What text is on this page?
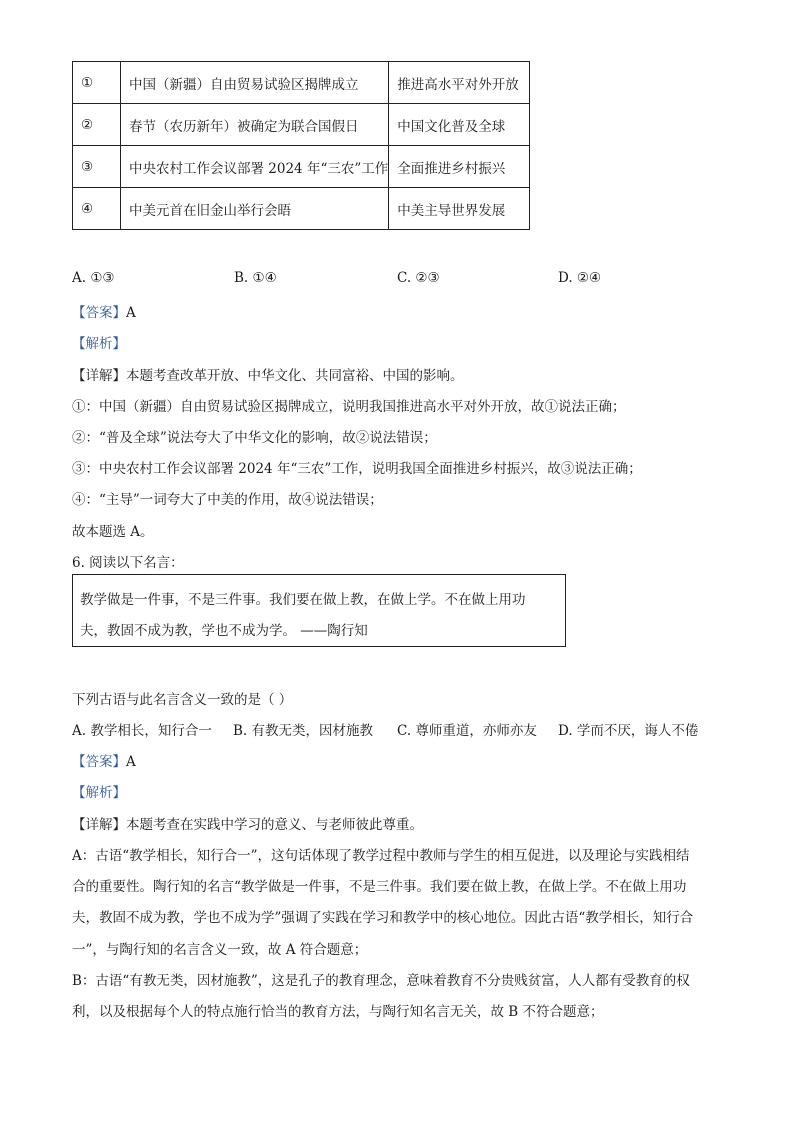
①	中国（新疆）自由贸易试验区揭牌成立	推进高水平对外开放
②	春节（农历新年）被确定为联合国假日	中国文化普及全球
③	中央农村工作会议部署 2024 年“三农”工作	全面推进乡村振兴
④	中美元首在旧金山举行会晤	中美主导世界发展
A. ①③	B. ①④	C. ②③	D. ②④
【答案】A
【解析】
【详解】本题考查改革开放、中华文化、共同富裕、中国的影响。
①：中国（新疆）自由贸易试验区揭牌成立，说明我国推进高水平对外开放，故①说法正确；
②：“普及全球”说法夸大了中华文化的影响，故②说法错误；
③：中央农村工作会议部署 2024 年“三农”工作，说明我国全面推进乡村振兴，故③说法正确；
④：“主导”一词夸大了中美的作用，故④说法错误；
故本题选 A。
6. 阅读以下名言：
教学做是一件事，不是三件事。我们要在做上教，在做上学。不在做上用功
夫，教固不成为教，学也不成为学。 ——陶行知
下列古语与此名言含义一致的是（ ）
A. 教学相长，知行合一 B. 有教无类，因材施教 C. 尊师重道，亦师亦友 D. 学而不厌，诲人不倦
【答案】A
【解析】
【详解】本题考查在实践中学习的意义、与老师彼此尊重。
A：古语“教学相长，知行合一”，这句话体现了教学过程中教师与学生的相互促进，以及理论与实践相结
合的重要性。陶行知的名言“教学做是一件事，不是三件事。我们要在做上教，在做上学。不在做上用功
夫，教固不成为教，学也不成为学”强调了实践在学习和教学中的核心地位。因此古语“教学相长，知行合
一”，与陶行知的名言含义一致，故 A 符合题意；
B：古语“有教无类，因材施教”，这是孔子的教育理念，意味着教育不分贵贱贫富，人人都有受教育的权
利，以及根据每个人的特点施行恰当的教育方法，与陶行知名言无关，故 B 不符合题意；
